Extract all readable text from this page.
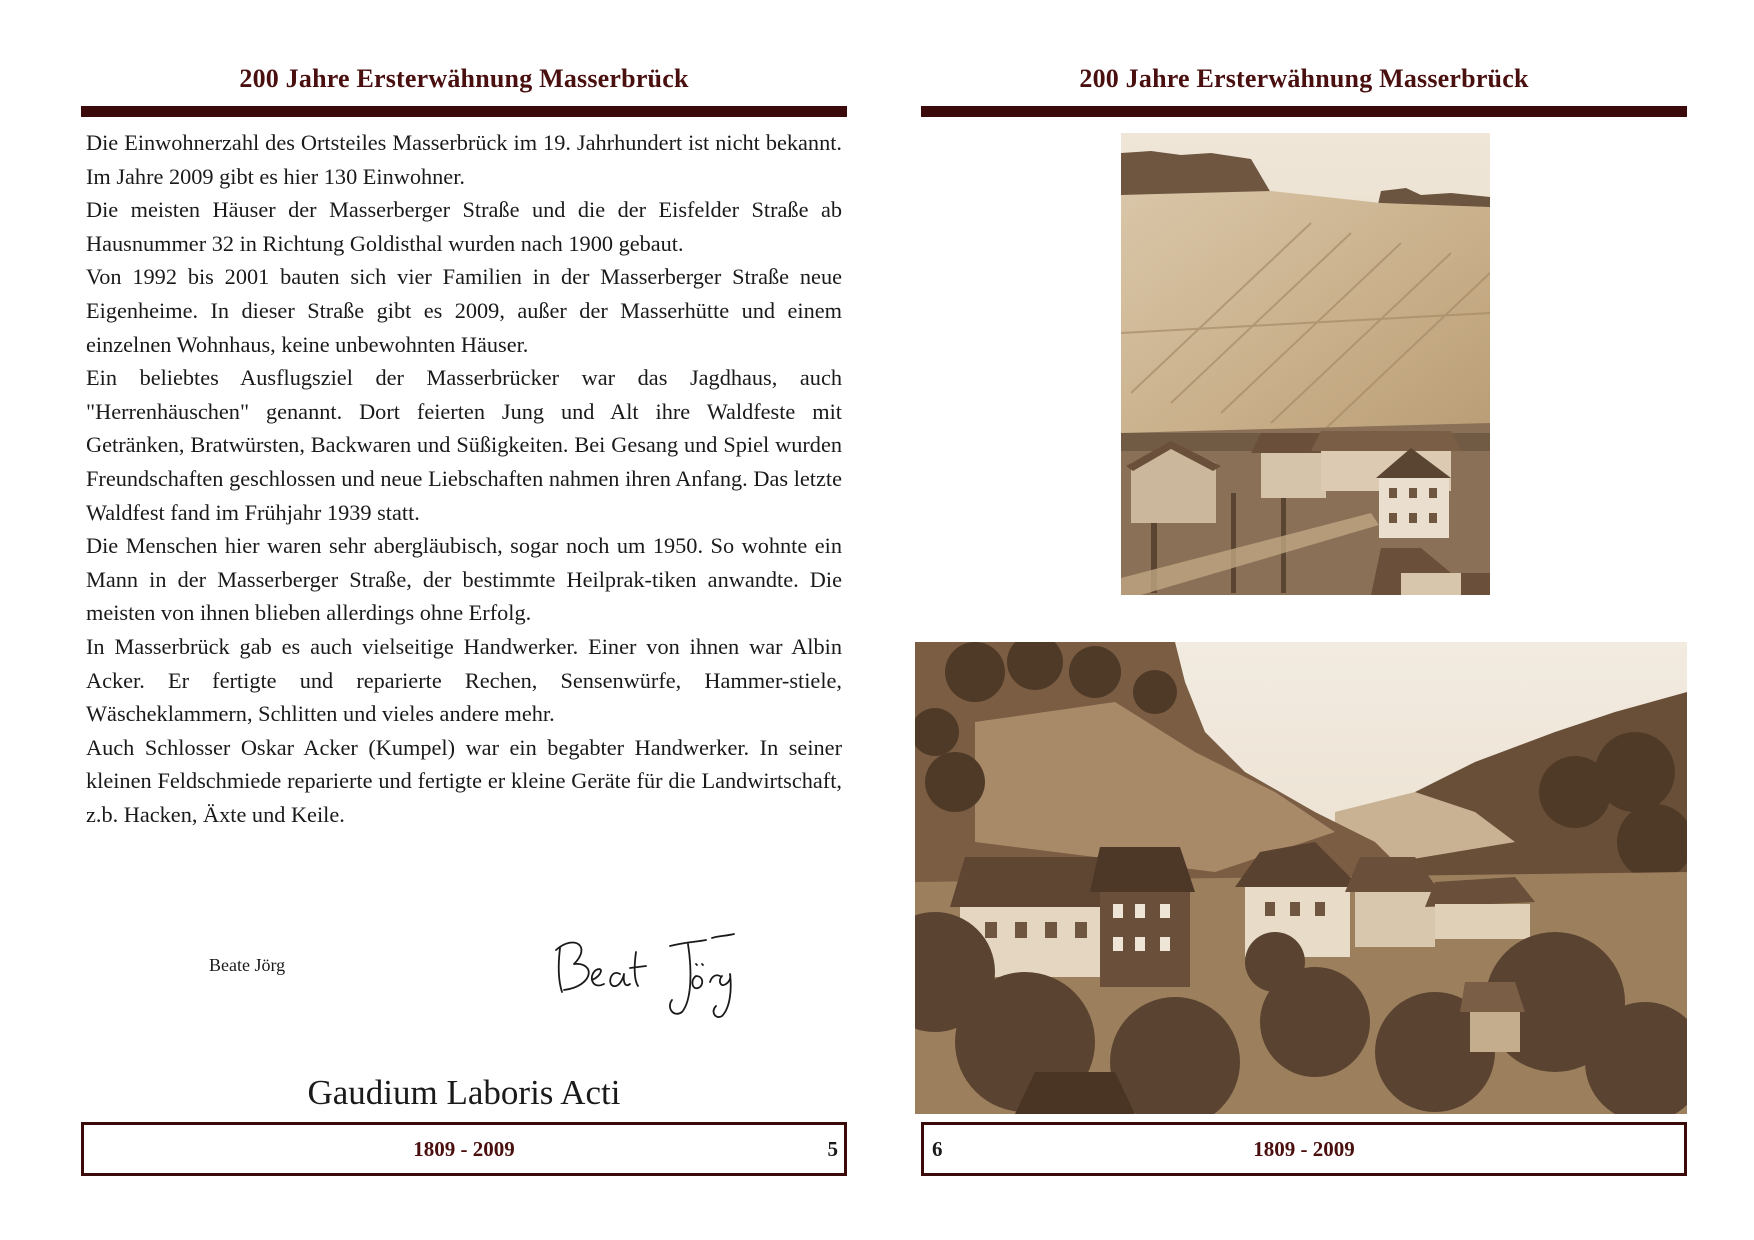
200 Jahre Ersterwähnung Masserbrück

Die Einwohnerzahl des Ortsteiles Masserbrück im 19. Jahrhundert ist nicht bekannt. Im Jahre 2009 gibt es hier 130 Einwohner.

Die meisten Häuser der Masserberger Straße und die der Eisfelder Straße ab Hausnummer 32 in Richtung Goldisthal wurden nach 1900 gebaut.

Von 1992 bis 2001 bauten sich vier Familien in der Masserberger Straße neue Eigenheime. In dieser Straße gibt es 2009, außer der Masserhütte und einem einzelnen Wohnhaus, keine unbewohnten Häuser.

Ein beliebtes Ausflugsziel der Masserbrücker war das Jagdhaus, auch "Herrenhäuschen" genannt. Dort feierten Jung und Alt ihre Waldfeste mit Getränken, Bratwürsten, Backwaren und Süßigkeiten. Bei Gesang und Spiel wurden Freundschaften geschlossen und neue Liebschaften nahmen ihren Anfang. Das letzte Waldfest fand im Frühjahr 1939 statt.

Die Menschen hier waren sehr abergläubisch, sogar noch um 1950. So wohnte ein Mann in der Masserberger Straße, der bestimmte Heilprak-tiken anwandte. Die meisten von ihnen blieben allerdings ohne Erfolg.

In Masserbrück gab es auch vielseitige Handwerker. Einer von ihnen war Albin Acker. Er fertigte und reparierte Rechen, Sensenwürfe, Hammer-stiele, Wäscheklammern, Schlitten und vieles andere mehr.

Auch Schlosser Oskar Acker (Kumpel) war ein begabter Handwerker. In seiner kleinen Feldschmiede reparierte und fertigte er kleine Geräte für die Landwirtschaft, z.b. Hacken, Äxte und Keile.

Beate Jörg
Gaudium Laboris Acti
1809 - 2009	5
200 Jahre Ersterwähnung Masserbrück
1809 - 2009
6
